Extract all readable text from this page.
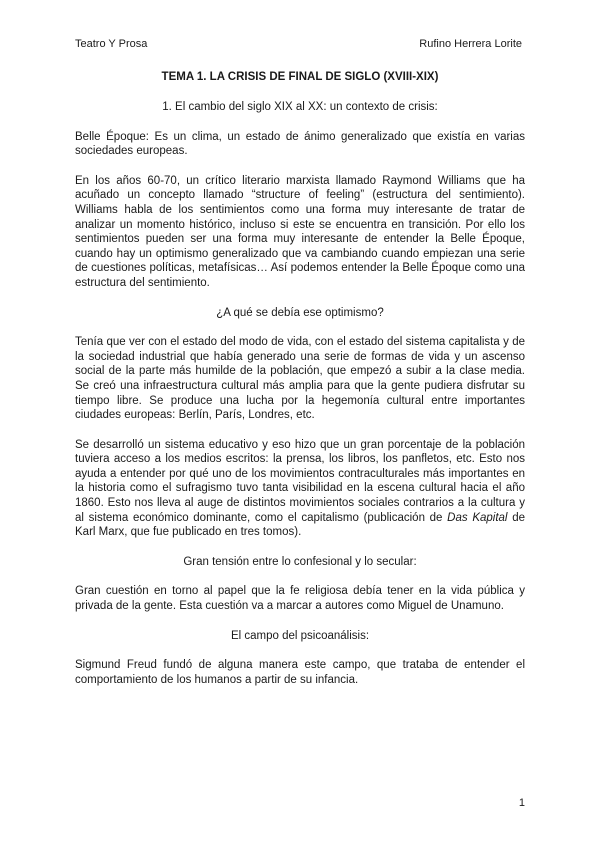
Teatro Y Prosa	Rufino Herrera Lorite
TEMA 1. LA CRISIS DE FINAL DE SIGLO (XVIII-XIX)

1. El cambio del siglo XIX al XX: un contexto de crisis:

Belle Époque: Es un clima, un estado de ánimo generalizado que existía en varias sociedades europeas.

En los años 60-70, un crítico literario marxista llamado Raymond Williams que ha acuñado un concepto llamado “structure of feeling” (estructura del sentimiento). Williams habla de los sentimientos como una forma muy interesante de tratar de analizar un momento histórico, incluso si este se encuentra en transición. Por ello los sentimientos pueden ser una forma muy interesante de entender la Belle Époque, cuando hay un optimismo generalizado que va cambiando cuando empiezan una serie de cuestiones políticas, metafísicas… Así podemos entender la Belle Époque como una estructura del sentimiento.

¿A qué se debía ese optimismo?

Tenía que ver con el estado del modo de vida, con el estado del sistema capitalista y de la sociedad industrial que había generado una serie de formas de vida y un ascenso social de la parte más humilde de la población, que empezó a subir a la clase media. Se creó una infraestructura cultural más amplia para que la gente pudiera disfrutar su tiempo libre. Se produce una lucha por la hegemonía cultural entre importantes ciudades europeas: Berlín, París, Londres, etc.

Se desarrolló un sistema educativo y eso hizo que un gran porcentaje de la población tuviera acceso a los medios escritos: la prensa, los libros, los panfletos, etc. Esto nos ayuda a entender por qué uno de los movimientos contraculturales más importantes en la historia como el sufragismo tuvo tanta visibilidad en la escena cultural hacia el año 1860. Esto nos lleva al auge de distintos movimientos sociales contrarios a la cultura y al sistema económico dominante, como el capitalismo (publicación de Das Kapital de Karl Marx, que fue publicado en tres tomos).

Gran tensión entre lo confesional y lo secular:

Gran cuestión en torno al papel que la fe religiosa debía tener en la vida pública y privada de la gente. Esta cuestión va a marcar a autores como Miguel de Unamuno.

El campo del psicoanálisis:

Sigmund Freud fundó de alguna manera este campo, que trataba de entender el comportamiento de los humanos a partir de su infancia.

1
